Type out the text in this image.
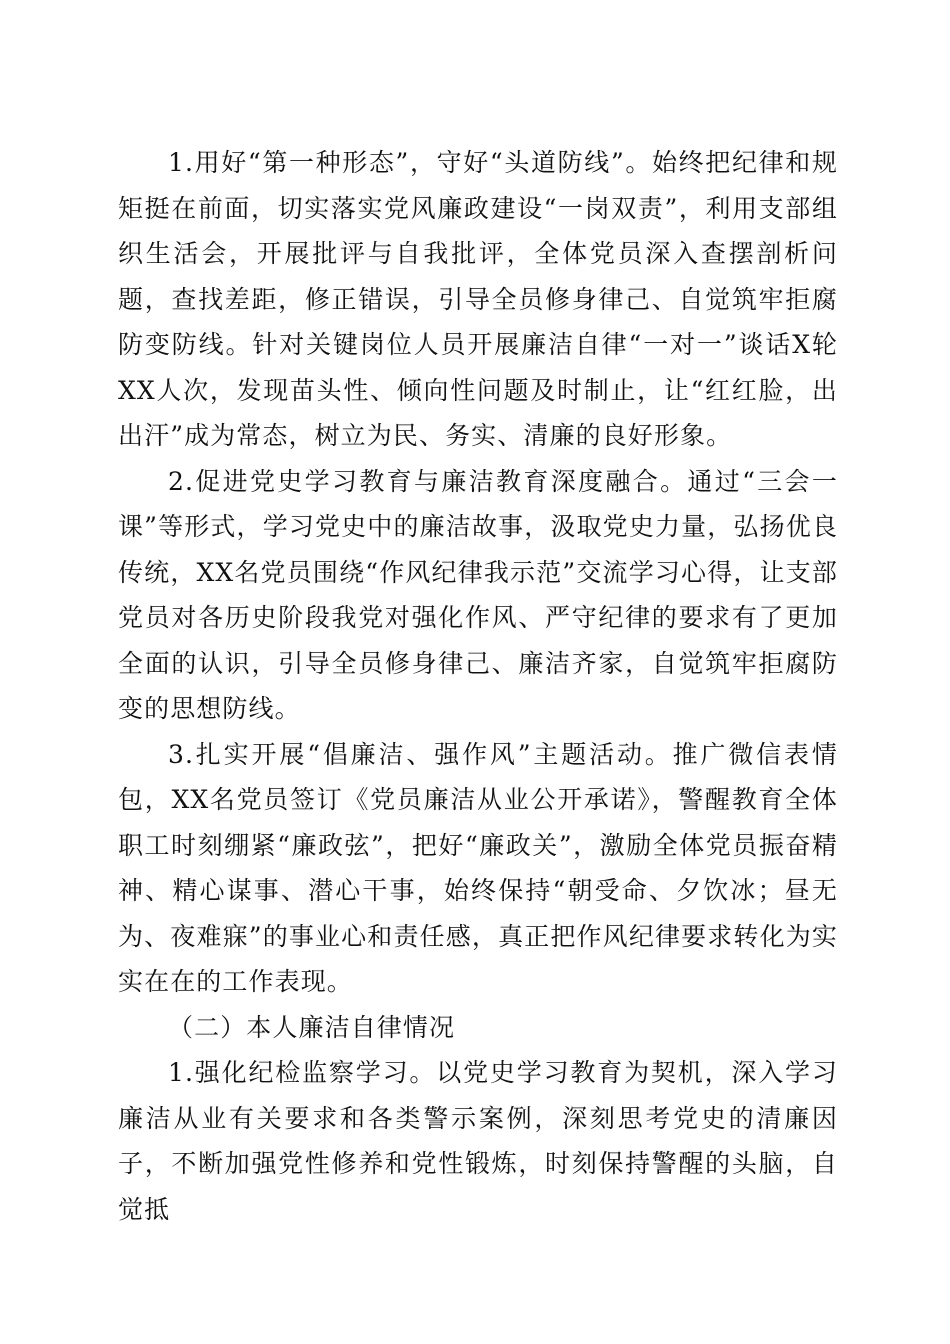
1.用好“第一种形态”，守好“头道防线”。始终把纪律和规矩挺在前面，切实落实党风廉政建设“一岗双责”，利用支部组织生活会，开展批评与自我批评，全体党员深入查摆剖析问题，查找差距，修正错误，引导全员修身律己、自觉筑牢拒腐防变防线。针对关键岗位人员开展廉洁自律“一对一”谈话X轮XX人次，发现苗头性、倾向性问题及时制止，让“红红脸，出出汗”成为常态，树立为民、务实、清廉的良好形象。

2.促进党史学习教育与廉洁教育深度融合。通过“三会一课”等形式，学习党史中的廉洁故事，汲取党史力量，弘扬优良传统，XX名党员围绕“作风纪律我示范”交流学习心得，让支部党员对各历史阶段我党对强化作风、严守纪律的要求有了更加全面的认识，引导全员修身律己、廉洁齐家，自觉筑牢拒腐防变的思想防线。

3.扎实开展“倡廉洁、强作风”主题活动。推广微信表情包，XX名党员签订《党员廉洁从业公开承诺》，警醒教育全体职工时刻绷紧“廉政弦”，把好“廉政关”，激励全体党员振奋精神、精心谋事、潜心干事，始终保持“朝受命、夕饮冰；昼无为、夜难寐”的事业心和责任感，真正把作风纪律要求转化为实实在在的工作表现。

（二）本人廉洁自律情况

1.强化纪检监察学习。以党史学习教育为契机，深入学习廉洁从业有关要求和各类警示案例，深刻思考党史的清廉因子，不断加强党性修养和党性锻炼，时刻保持警醒的头脑，自觉抵
